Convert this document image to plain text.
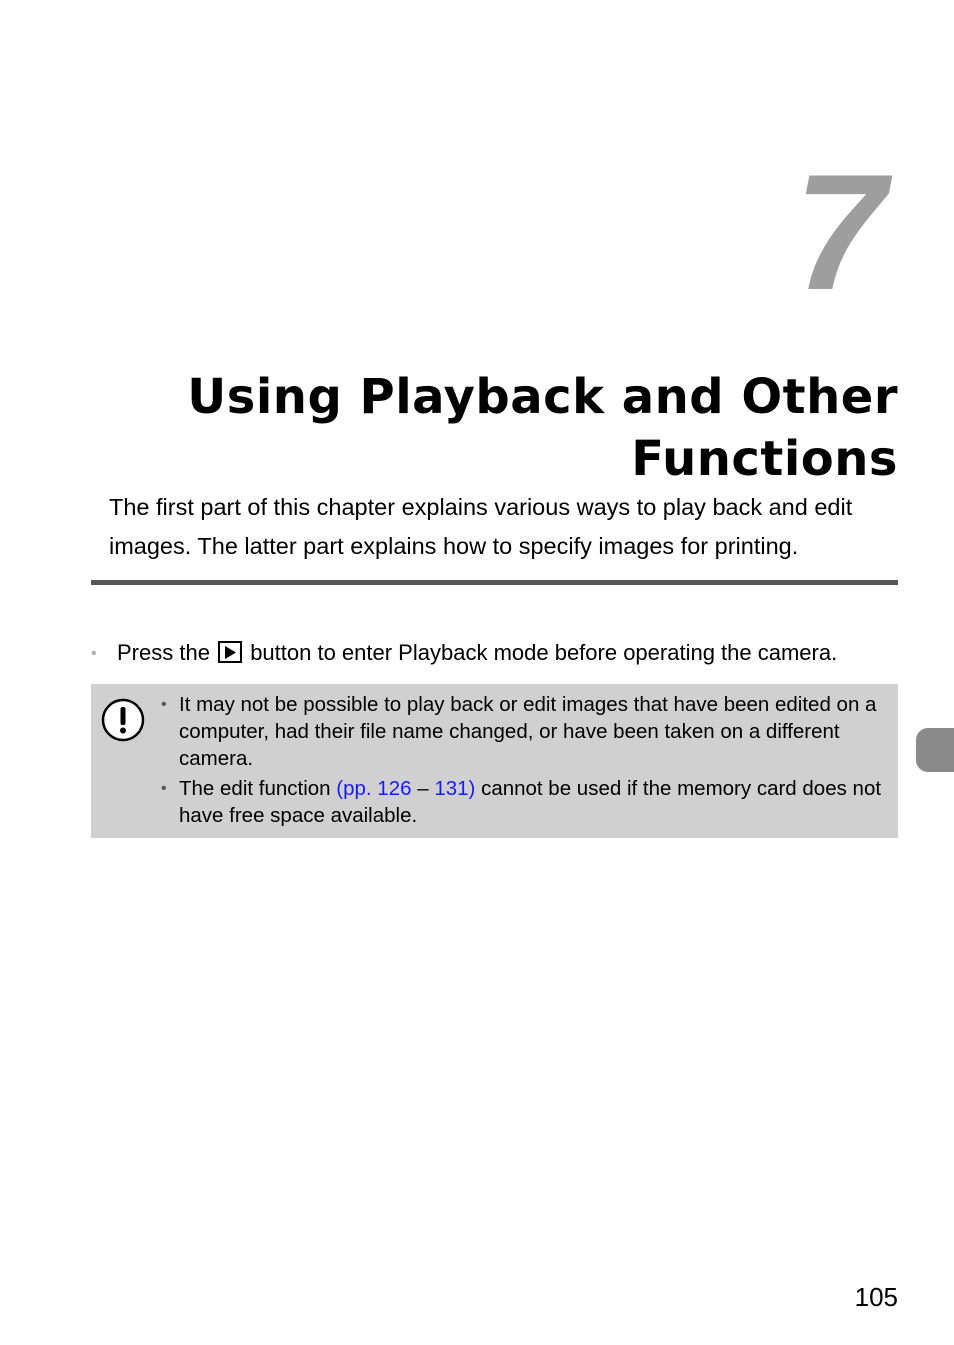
7
Using Playback and Other
Functions

The first part of this chapter explains various ways to play back and edit images. The latter part explains how to specify images for printing.

• Press the button to enter Playback mode before operating the camera.
• It may not be possible to play back or edit images that have been edited on a computer, had their file name changed, or have been taken on a different camera.
• The edit function (pp. 126 – 131) cannot be used if the memory card does not have free space available.
105
